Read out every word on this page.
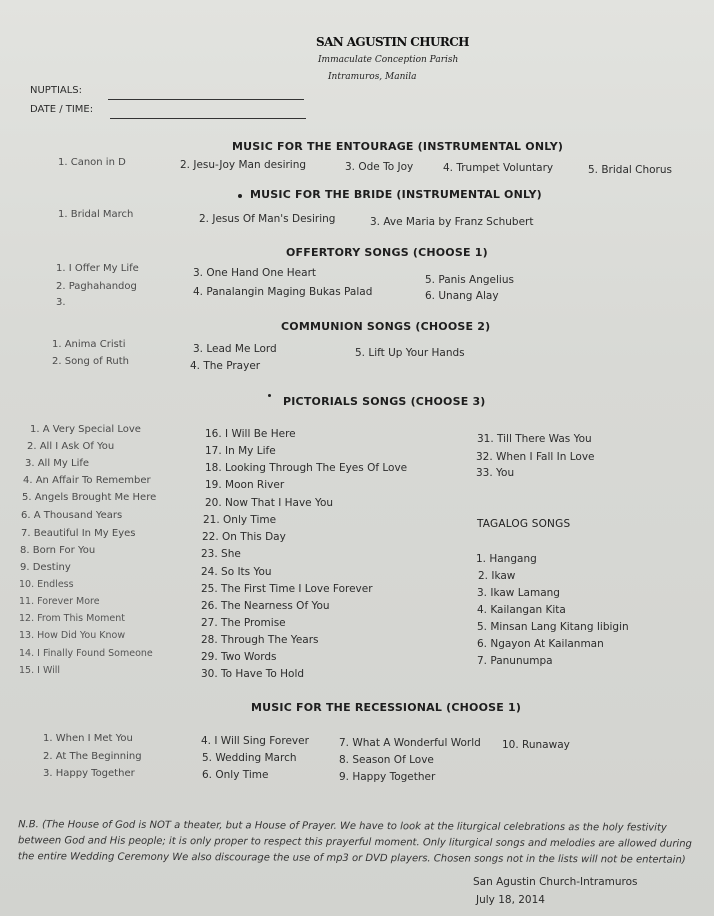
SAN AGUSTIN CHURCH
Immaculate Conception Parish
Intramuros, Manila
NUPTIALS:
DATE / TIME:
MUSIC FOR THE ENTOURAGE (INSTRUMENTAL ONLY)
1. Canon in D	2. Jesu-Joy Man desiring	3. Ode To Joy	4. Trumpet Voluntary	5. Bridal Chorus
MUSIC FOR THE BRIDE (INSTRUMENTAL ONLY)
1. Bridal March	2. Jesus Of Man's Desiring	3. Ave Maria by Franz Schubert
OFFERTORY SONGS (CHOOSE 1)
1. I Offer My Life
2. Paghahandog
3.
3. One Hand One Heart
4. Panalangin Maging Bukas Palad
5. Panis Angelius
6. Unang Alay
COMMUNION SONGS (CHOOSE 2)
1. Anima Cristi
2. Song of Ruth
3. Lead Me Lord
4. The Prayer
5. Lift Up Your Hands
PICTORIALS SONGS (CHOOSE 3)
1. A Very Special Love
2. All I Ask Of You
3. All My Life
4. An Affair To Remember
5. Angels Brought Me Here
6. A Thousand Years
7. Beautiful In My Eyes
8. Born For You
9. Destiny
10. Endless
11. Forever More
12. From This Moment
13. How Did You Know
14. I Finally Found Someone
15. I Will
16. I Will Be Here
17. In My Life
18. Looking Through The Eyes Of Love
19. Moon River
20. Now That I Have You
21. Only Time
22. On This Day
23. She
24. So Its You
25. The First Time I Love Forever
26. The Nearness Of You
27. The Promise
28. Through The Years
29. Two Words
30. To Have To Hold
31. Till There Was You
32. When I Fall In Love
33. You
TAGALOG SONGS
1. Hangang
2. Ikaw
3. Ikaw Lamang
4. Kailangan Kita
5. Minsan Lang Kitang Iibigin
6. Ngayon At Kailanman
7. Panunumpa
MUSIC FOR THE RECESSIONAL (CHOOSE 1)
1. When I Met You
2. At The Beginning
3. Happy Together
4. I Will Sing Forever
5. Wedding March
6. Only Time
7. What A Wonderful World
8. Season Of Love
9. Happy Together
10. Runaway
N.B. (The House of God is NOT a theater, but a House of Prayer. We have to look at the liturgical celebrations as the holy festivity between God and His people; it is only proper to respect this prayerful moment. Only liturgical songs and melodies are allowed during the entire Wedding Ceremony We also discourage the use of mp3 or DVD players. Chosen songs not in the lists will not be entertain)
San Agustin Church-Intramuros
July 18, 2014
